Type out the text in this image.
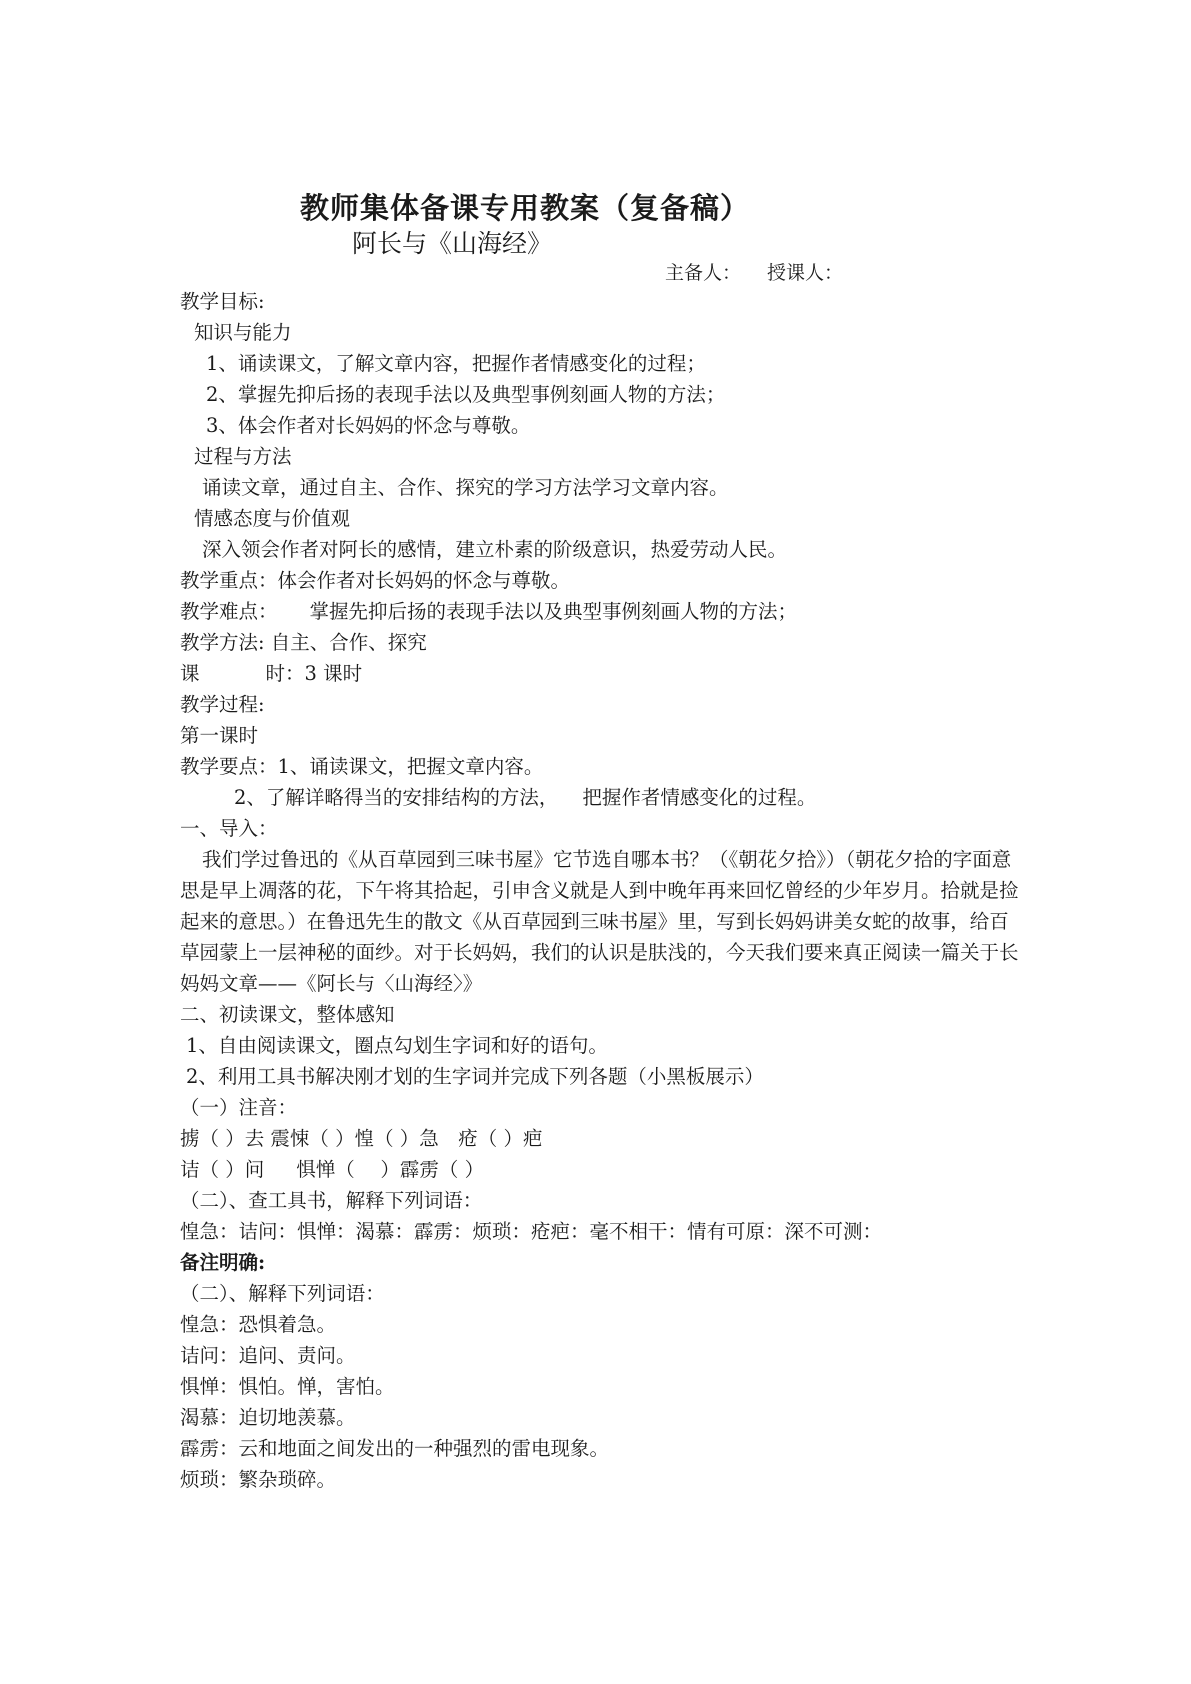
教师集体备课专用教案（复备稿）
阿长与《山海经》
主备人： 授课人：
教学目标:
知识与能力
1、诵读课文，了解文章内容，把握作者情感变化的过程；
2、掌握先抑后扬的表现手法以及典型事例刻画人物的方法；
3、体会作者对长妈妈的怀念与尊敬。
过程与方法
诵读文章，通过自主、合作、探究的学习方法学习文章内容。
情感态度与价值观
深入领会作者对阿长的感情，建立朴素的阶级意识，热爱劳动人民。
教学重点：体会作者对长妈妈的怀念与尊敬。
教学难点： 掌握先抑后扬的表现手法以及典型事例刻画人物的方法；
教学方法: 自主、合作、探究
课	时：3 课时
教学过程:
第一课时
教学要点：1、诵读课文，把握文章内容。
2、了解详略得当的安排结构的方法， 把握作者情感变化的过程。
一、导入：
我们学过鲁迅的《从百草园到三味书屋》它节选自哪本书？（《朝花夕拾》）（朝花夕拾的字面意思是早上凋落的花，下午将其拾起，引申含义就是人到中晚年再来回忆曾经的少年岁月。拾就是捡起来的意思。）在鲁迅先生的散文《从百草园到三味书屋》里，写到长妈妈讲美女蛇的故事，给百草园蒙上一层神秘的面纱。对于长妈妈，我们的认识是肤浅的，今天我们要来真正阅读一篇关于长妈妈文章——《阿长与〈山海经〉》
二、初读课文，整体感知
1、自由阅读课文，圈点勾划生字词和好的语句。
2、利用工具书解决刚才划的生字词并完成下列各题（小黑板展示）
（一）注音：
掳（ ）去 震悚（ ）惶（ ）急　疮（ ）疤
诘（ ）问 惧惮（　 ）霹雳（ ）
（二）、查工具书，解释下列词语：
惶急：诘问：惧惮：渴慕：霹雳：烦琐：疮疤：毫不相干：情有可原：深不可测：
备注明确:
（二）、解释下列词语：
惶急：恐惧着急。
诘问：追问、责问。
惧惮：惧怕。惮，害怕。
渴慕：迫切地羡慕。
霹雳：云和地面之间发出的一种强烈的雷电现象。
烦琐：繁杂琐碎。
